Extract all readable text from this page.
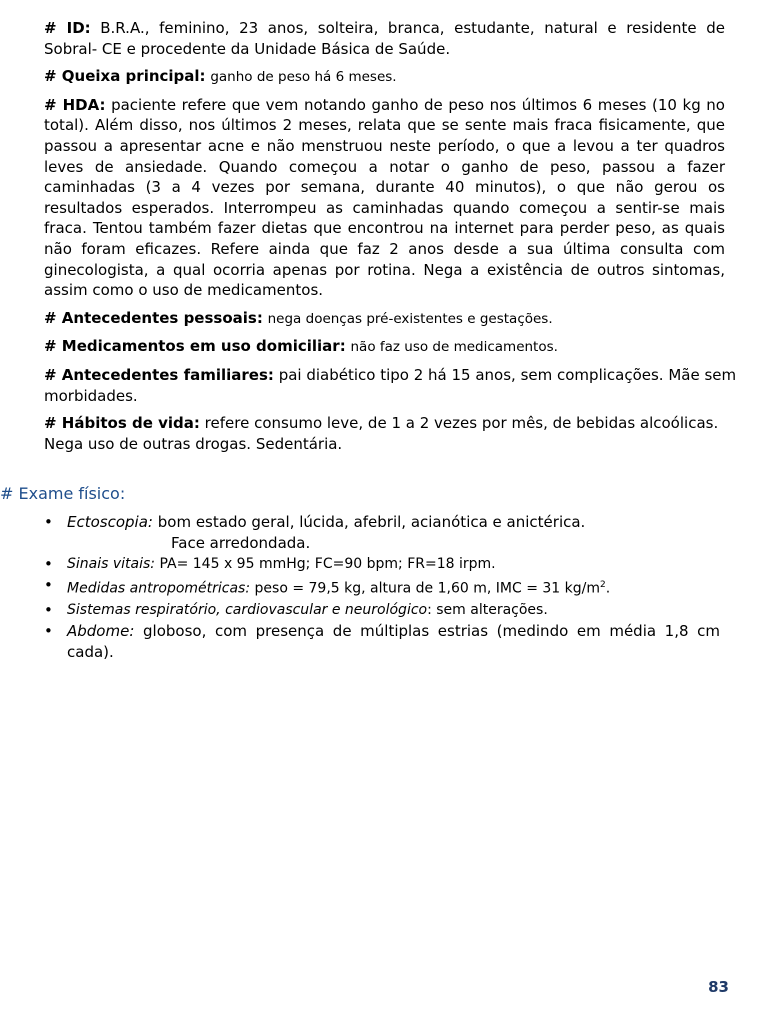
# ID: B.R.A., feminino, 23 anos, solteira, branca, estudante, natural e residente de Sobral- CE e procedente da Unidade Básica de Saúde.

# Queixa principal: ganho de peso há 6 meses.

# HDA: paciente refere que vem notando ganho de peso nos últimos 6 meses (10 kg no total). Além disso, nos últimos 2 meses, relata que se sente mais fraca fisicamente, que passou a apresentar acne e não menstruou neste período, o que a levou a ter quadros leves de ansiedade. Quando começou a notar o ganho de peso, passou a fazer caminhadas (3 a 4 vezes por semana, durante 40 minutos), o que não gerou os resultados esperados. Interrompeu as caminhadas quando começou a sentir-se mais fraca. Tentou também fazer dietas que encontrou na internet para perder peso, as quais não foram eficazes. Refere ainda que faz 2 anos desde a sua última consulta com ginecologista, a qual ocorria apenas por rotina. Nega a existência de outros sintomas, assim como o uso de medicamentos.

# Antecedentes pessoais: nega doenças pré-existentes e gestações.

# Medicamentos em uso domiciliar: não faz uso de medicamentos.

# Antecedentes familiares: pai diabético tipo 2 há 15 anos, sem complicações. Mãe sem morbidades.

# Hábitos de vida: refere consumo leve, de 1 a 2 vezes por mês, de bebidas alcoólicas. Nega uso de outras drogas. Sedentária.

# Exame físico:
• Ectoscopia: bom estado geral, lúcida, afebril, acianótica e anictérica.
Face arredondada.
• Sinais vitais: PA= 145 x 95 mmHg; FC=90 bpm; FR=18 irpm.
• Medidas antropométricas: peso = 79,5 kg, altura de 1,60 m, IMC = 31 $kg/m^2$.
• Sistemas respiratório, cardiovascular e neurológico: sem alterações.
• Abdome: globoso, com presença de múltiplas estrias (medindo em média 1,8 cm cada).
83
